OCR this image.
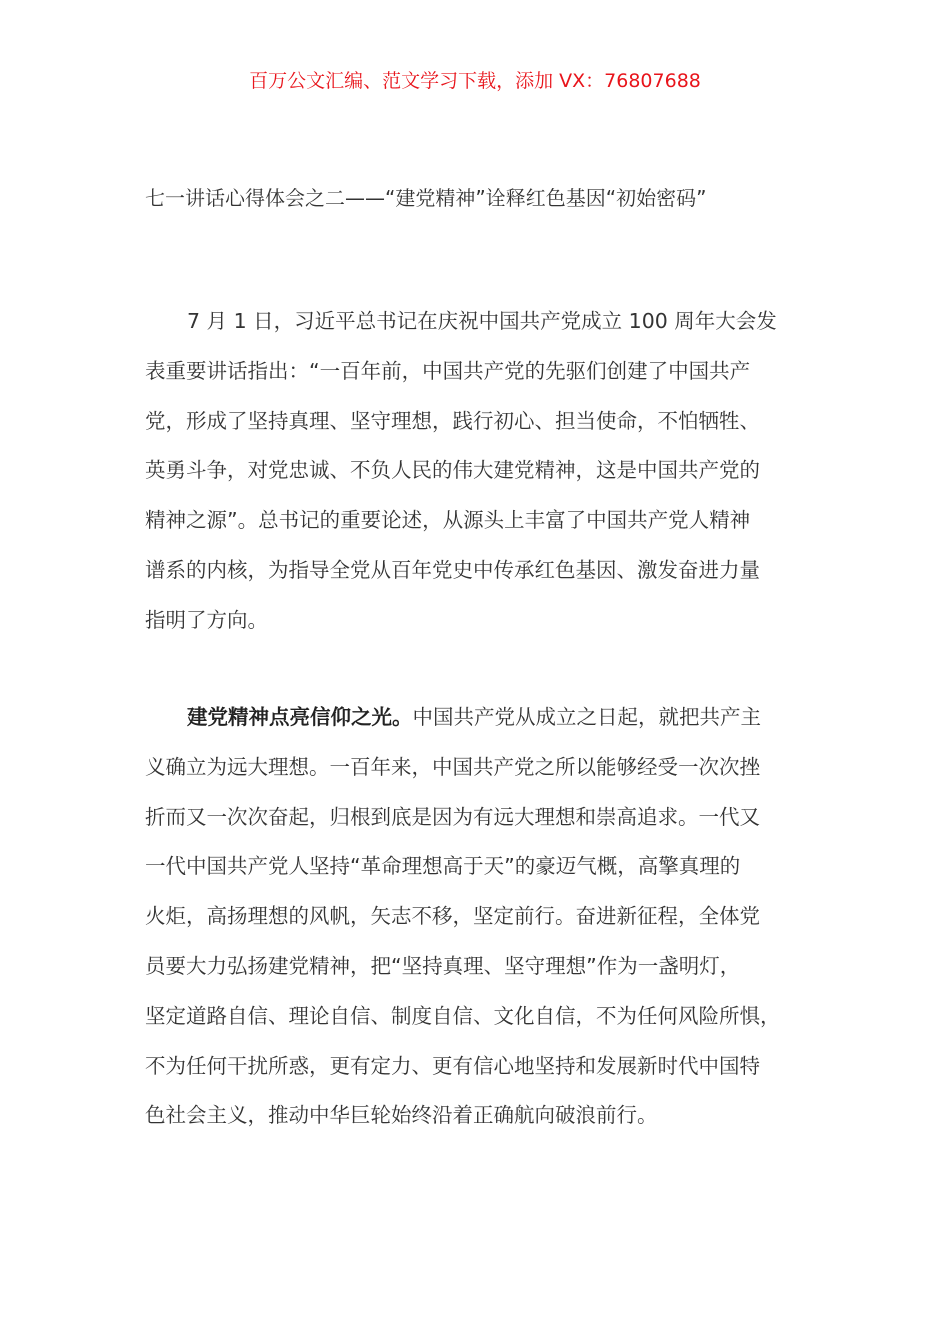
百万公文汇编、范文学习下载，添加 VX：76807688
七一讲话心得体会之二——“建党精神”诠释红色基因“初始密码”
7 月 1 日，习近平总书记在庆祝中国共产党成立 100 周年大会发
表重要讲话指出：“一百年前，中国共产党的先驱们创建了中国共产
党，形成了坚持真理、坚守理想，践行初心、担当使命，不怕牺牲、
英勇斗争，对党忠诚、不负人民的伟大建党精神，这是中国共产党的
精神之源”。总书记的重要论述，从源头上丰富了中国共产党人精神
谱系的内核，为指导全党从百年党史中传承红色基因、激发奋进力量
指明了方向。
建党精神点亮信仰之光。中国共产党从成立之日起，就把共产主
义确立为远大理想。一百年来，中国共产党之所以能够经受一次次挫
折而又一次次奋起，归根到底是因为有远大理想和崇高追求。一代又
一代中国共产党人坚持“革命理想高于天”的豪迈气概，高擎真理的
火炬，高扬理想的风帆，矢志不移，坚定前行。奋进新征程，全体党
员要大力弘扬建党精神，把“坚持真理、坚守理想”作为一盏明灯，
坚定道路自信、理论自信、制度自信、文化自信，不为任何风险所惧，
不为任何干扰所惑，更有定力、更有信心地坚持和发展新时代中国特
色社会主义，推动中华巨轮始终沿着正确航向破浪前行。
